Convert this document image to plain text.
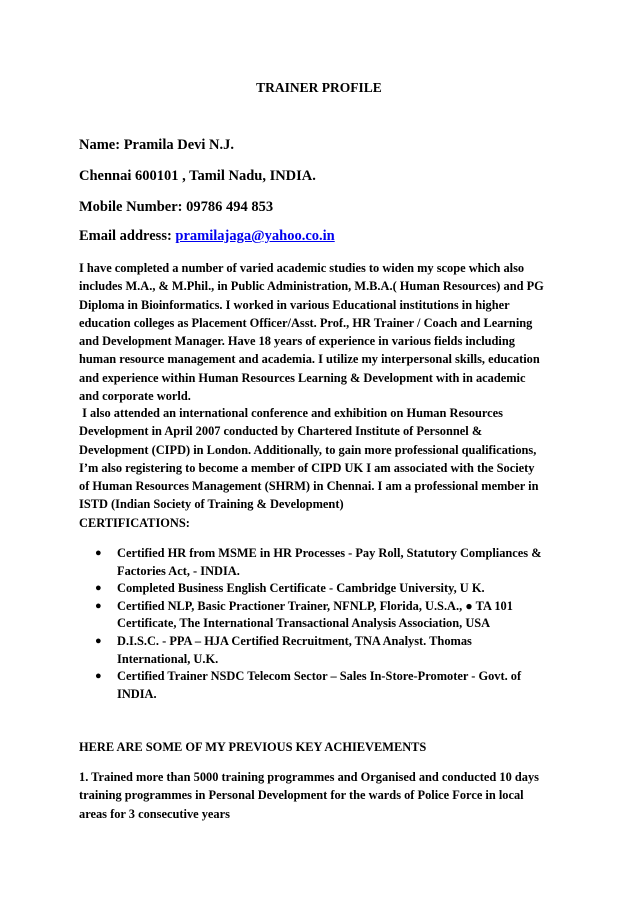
TRAINER PROFILE
Name: Pramila Devi N.J.
Chennai 600101 , Tamil Nadu, INDIA.
Mobile Number: 09786 494 853
Email address: pramilajaga@yahoo.co.in
I have completed a number of varied academic studies to widen my scope which also
includes M.A., & M.Phil., in Public Administration, M.B.A.( Human Resources) and PG
Diploma in Bioinformatics. I worked in various Educational institutions in higher
education colleges as Placement Officer/Asst. Prof., HR Trainer / Coach and Learning
and Development Manager. Have 18 years of experience in various fields including
human resource management and academia. I utilize my interpersonal skills, education
and experience within Human Resources Learning & Development with in academic
and corporate world.
I also attended an international conference and exhibition on Human Resources
Development in April 2007 conducted by Chartered Institute of Personnel &
Development (CIPD) in London. Additionally, to gain more professional qualifications,
I’m also registering to become a member of CIPD UK I am associated with the Society
of Human Resources Management (SHRM) in Chennai. I am a professional member in
ISTD (Indian Society of Training & Development)
CERTIFICATIONS:
● Certified HR from MSME in HR Processes - Pay Roll, Statutory Compliances &
Factories Act, - INDIA.
● Completed Business English Certificate - Cambridge University, U K.
● Certified NLP, Basic Practioner Trainer, NFNLP, Florida, U.S.A., ● TA 101
Certificate, The International Transactional Analysis Association, USA
● D.I.S.C. - PPA – HJA Certified Recruitment, TNA Analyst. Thomas
International, U.K.
● Certified Trainer NSDC Telecom Sector – Sales In-Store-Promoter - Govt. of
INDIA.
HERE ARE SOME OF MY PREVIOUS KEY ACHIEVEMENTS
1. Trained more than 5000 training programmes and Organised and conducted 10 days
training programmes in Personal Development for the wards of Police Force in local
areas for 3 consecutive years
